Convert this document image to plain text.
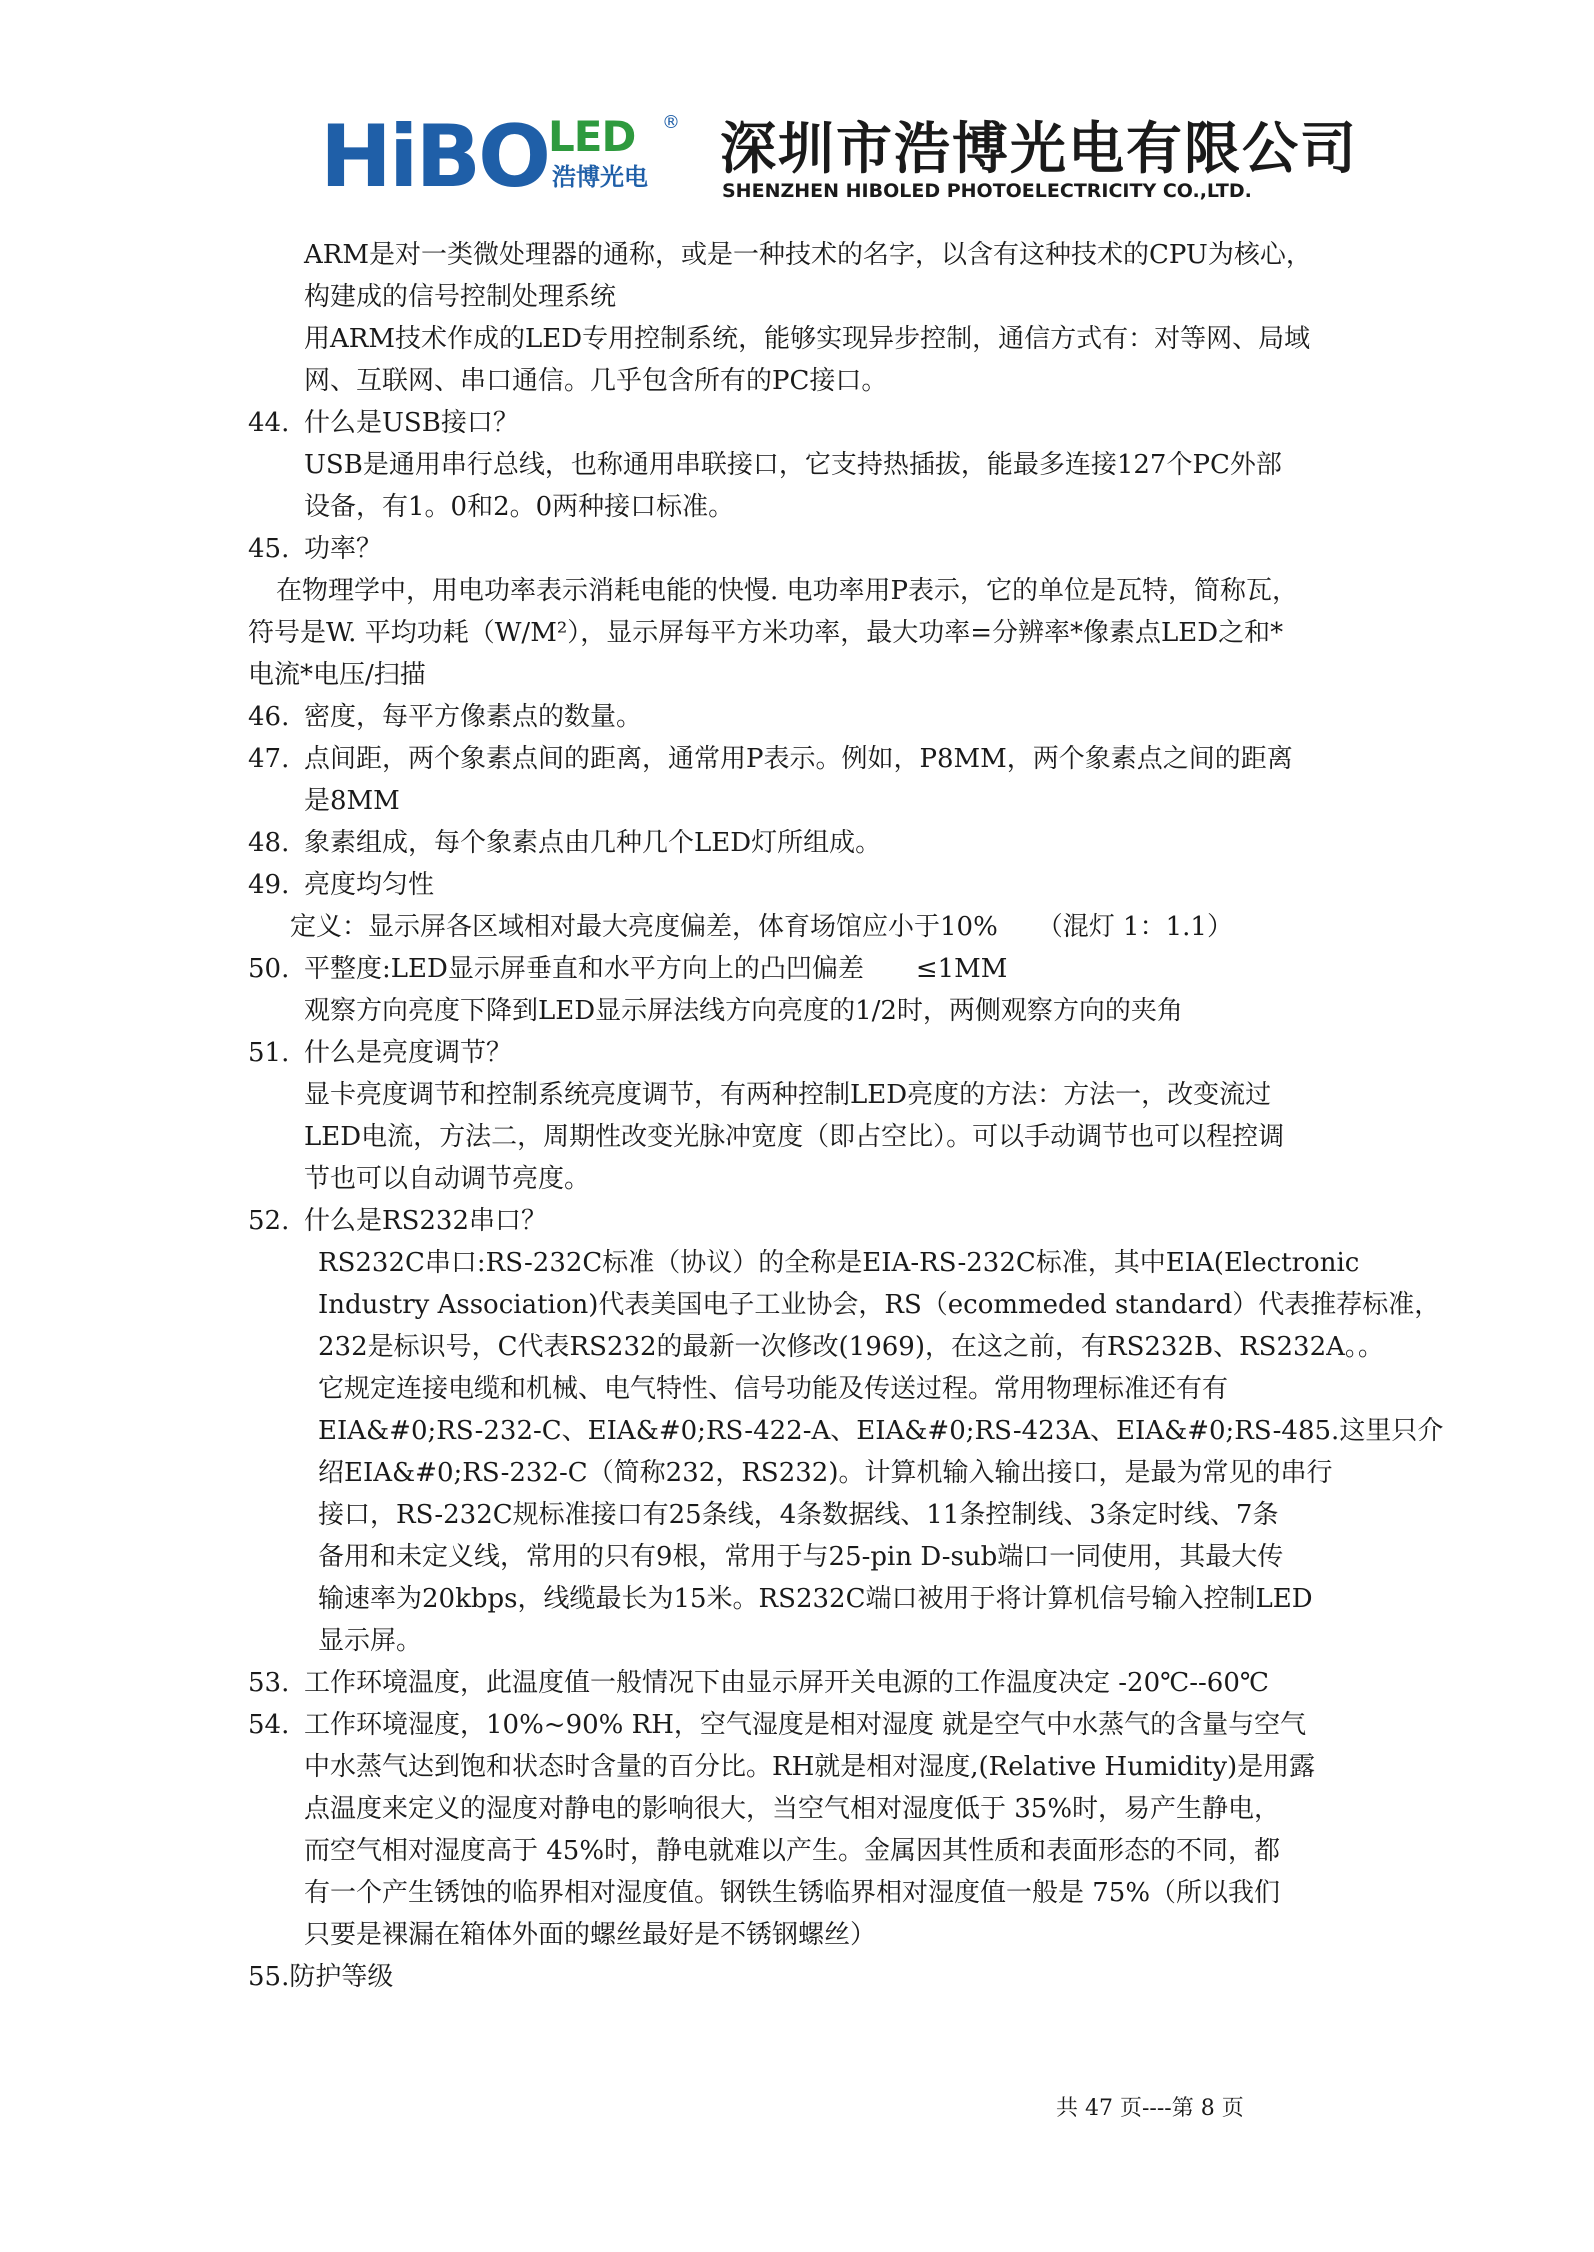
HiBO LED
浩博光电
® 深圳市浩博光电有限公司
SHENZHEN HIBOLED PHOTOELECTRICITY CO.,LTD.
ARM是对一类微处理器的通称，或是一种技术的名字，以含有这种技术的CPU为核心，
构建成的信号控制处理系统
用ARM技术作成的LED专用控制系统，能够实现异步控制，通信方式有：对等网、局域
网、互联网、串口通信。几乎包含所有的PC接口。
44. 什么是USB接口？
USB是通用串行总线，也称通用串联接口，它支持热插拔，能最多连接127个PC外部
设备，有1。0和2。0两种接口标准。
45. 功率？
在物理学中，用电功率表示消耗电能的快慢. 电功率用P表示，它的单位是瓦特，简称瓦，
符号是W. 平均功耗（W/M²），显示屏每平方米功率，最大功率=分辨率*像素点LED之和*
电流*电压/扫描
46. 密度，每平方像素点的数量。
47. 点间距，两个象素点间的距离，通常用P表示。例如，P8MM，两个象素点之间的距离
是8MM
48. 象素组成，每个象素点由几种几个LED灯所组成。
49. 亮度均匀性
定义：显示屏各区域相对最大亮度偏差，体育场馆应小于10%　　（混灯 1：1.1）
50. 平整度:LED显示屏垂直和水平方向上的凸凹偏差　　≤1MM
观察方向亮度下降到LED显示屏法线方向亮度的1/2时，两侧观察方向的夹角
51. 什么是亮度调节？
显卡亮度调节和控制系统亮度调节，有两种控制LED亮度的方法：方法一，改变流过
LED电流，方法二，周期性改变光脉冲宽度（即占空比）。可以手动调节也可以程控调
节也可以自动调节亮度。
52. 什么是RS232串口？
RS232C串口:RS-232C标准（协议）的全称是EIA-RS-232C标准，其中EIA(Electronic
Industry Association)代表美国电子工业协会，RS（ecommeded standard）代表推荐标准，
232是标识号，C代表RS232的最新一次修改(1969)，在这之前，有RS232B、RS232A。。
它规定连接电缆和机械、电气特性、信号功能及传送过程。常用物理标准还有有
EIA&#0;RS-232-C、EIA&#0;RS-422-A、EIA&#0;RS-423A、EIA&#0;RS-485.这里只介
绍EIA&#0;RS-232-C（简称232，RS232)。计算机输入输出接口，是最为常见的串行
接口，RS-232C规标准接口有25条线，4条数据线、11条控制线、3条定时线、7条
备用和未定义线，常用的只有9根，常用于与25-pin D-sub端口一同使用，其最大传
输速率为20kbps，线缆最长为15米。RS232C端口被用于将计算机信号输入控制LED
显示屏。
53. 工作环境温度，此温度值一般情况下由显示屏开关电源的工作温度决定 -20℃--60℃
54. 工作环境湿度，10%~90% RH，空气湿度是相对湿度 就是空气中水蒸气的含量与空气
中水蒸气达到饱和状态时含量的百分比。RH就是相对湿度,(Relative Humidity)是用露
点温度来定义的湿度对静电的影响很大，当空气相对湿度低于 35%时，易产生静电，
而空气相对湿度高于 45%时，静电就难以产生。金属因其性质和表面形态的不同，都
有一个产生锈蚀的临界相对湿度值。钢铁生锈临界相对湿度值一般是 75%（所以我们
只要是裸漏在箱体外面的螺丝最好是不锈钢螺丝）
55.防护等级
共 47 页----第 8 页
